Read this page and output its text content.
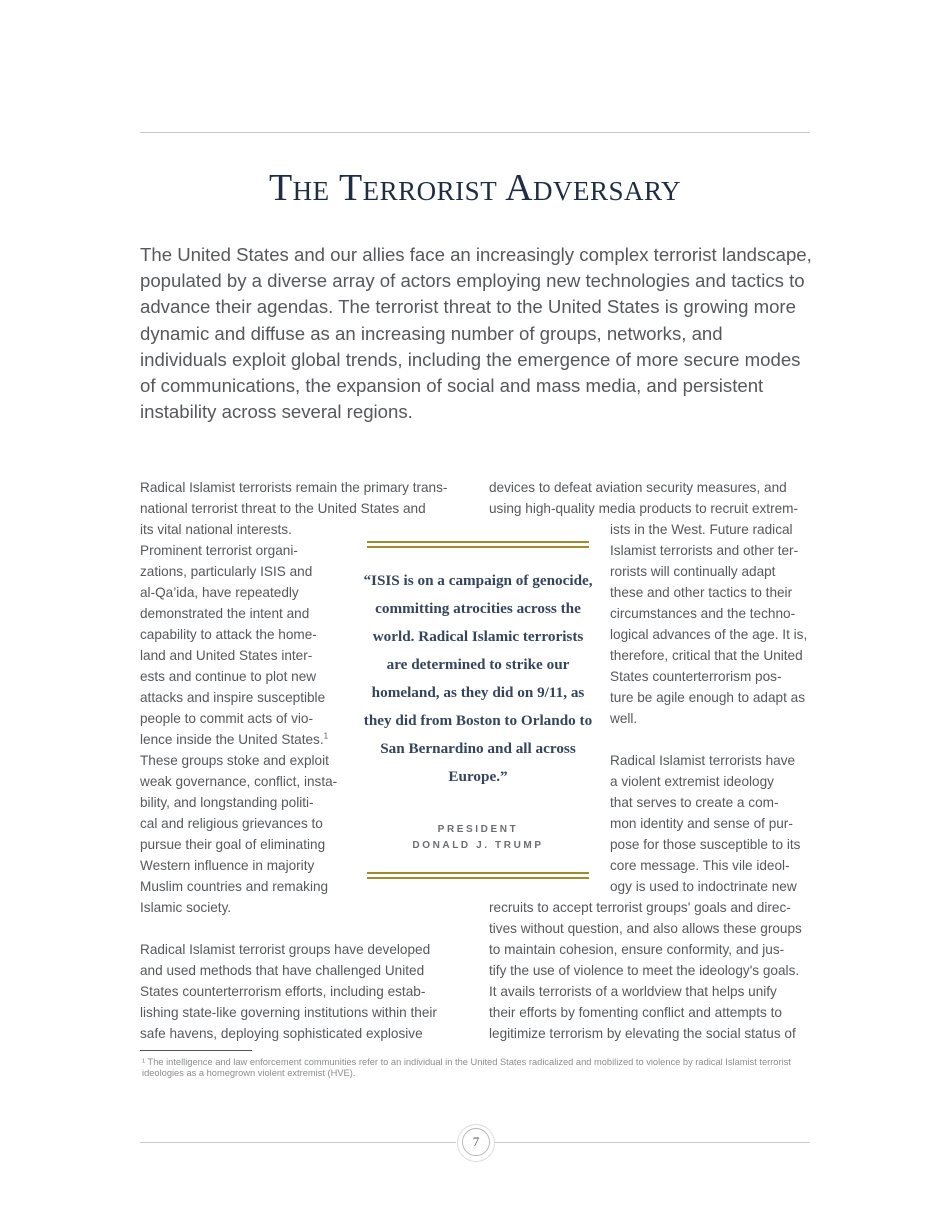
The Terrorist Adversary

The United States and our allies face an increasingly complex terrorist landscape, populated by a diverse array of actors employing new technologies and tactics to advance their agendas. The terrorist threat to the United States is growing more dynamic and diffuse as an increasing number of groups, networks, and individuals exploit global trends, including the emergence of more secure modes of communications, the expansion of social and mass media, and persistent instability across several regions.

Radical Islamist terrorists remain the primary trans-
national terrorist threat to the United States and

its vital national interests.
Prominent terrorist organi-
zations, particularly ISIS and
al-Qa’ida, have repeatedly
demonstrated the intent and
capability to attack the home-
land and United States inter-
ests and continue to plot new
attacks and inspire susceptible
people to commit acts of vio-

lence inside the United States.$^1$
These groups stoke and exploit
weak governance, conflict, insta-
bility, and longstanding politi-
cal and religious grievances to
pursue their goal of eliminating
Western influence in majority
Muslim countries and remaking
Islamic society.

Radical Islamist terrorist groups have developed
and used methods that have challenged United
States counterterrorism efforts, including estab-
lishing state-like governing institutions within their
safe havens, deploying sophisticated explosive

devices to defeat aviation security measures, and
using high-quality media products to recruit extrem-

ists in the West. Future radical
Islamist terrorists and other ter-
rorists will continually adapt
these and other tactics to their
circumstances and the techno-
logical advances of the age. It is,
therefore, critical that the United
States counterterrorism pos-
ture be agile enough to adapt as
well.

Radical Islamist terrorists have
a violent extremist ideology
that serves to create a com-
mon identity and sense of pur-
pose for those susceptible to its
core message. This vile ideol-
ogy is used to indoctrinate new

recruits to accept terrorist groups' goals and direc-
tives without question, and also allows these groups
to maintain cohesion, ensure conformity, and jus-
tify the use of violence to meet the ideology's goals.
It avails terrorists of a worldview that helps unify
their efforts by fomenting conflict and attempts to
legitimize terrorism by elevating the social status of

“ISIS is on a campaign of genocide, committing atrocities across the world. Radical Islamic terrorists are determined to strike our homeland, as they did on 9/11, as they did from Boston to Orlando to San Bernardino and all across Europe.”

PRESIDENT
DONALD J. TRUMP

¹ The intelligence and law enforcement communities refer to an individual in the United States radicalized and mobilized to violence by radical Islamist terrorist ideologies as a homegrown violent extremist (HVE).

7
